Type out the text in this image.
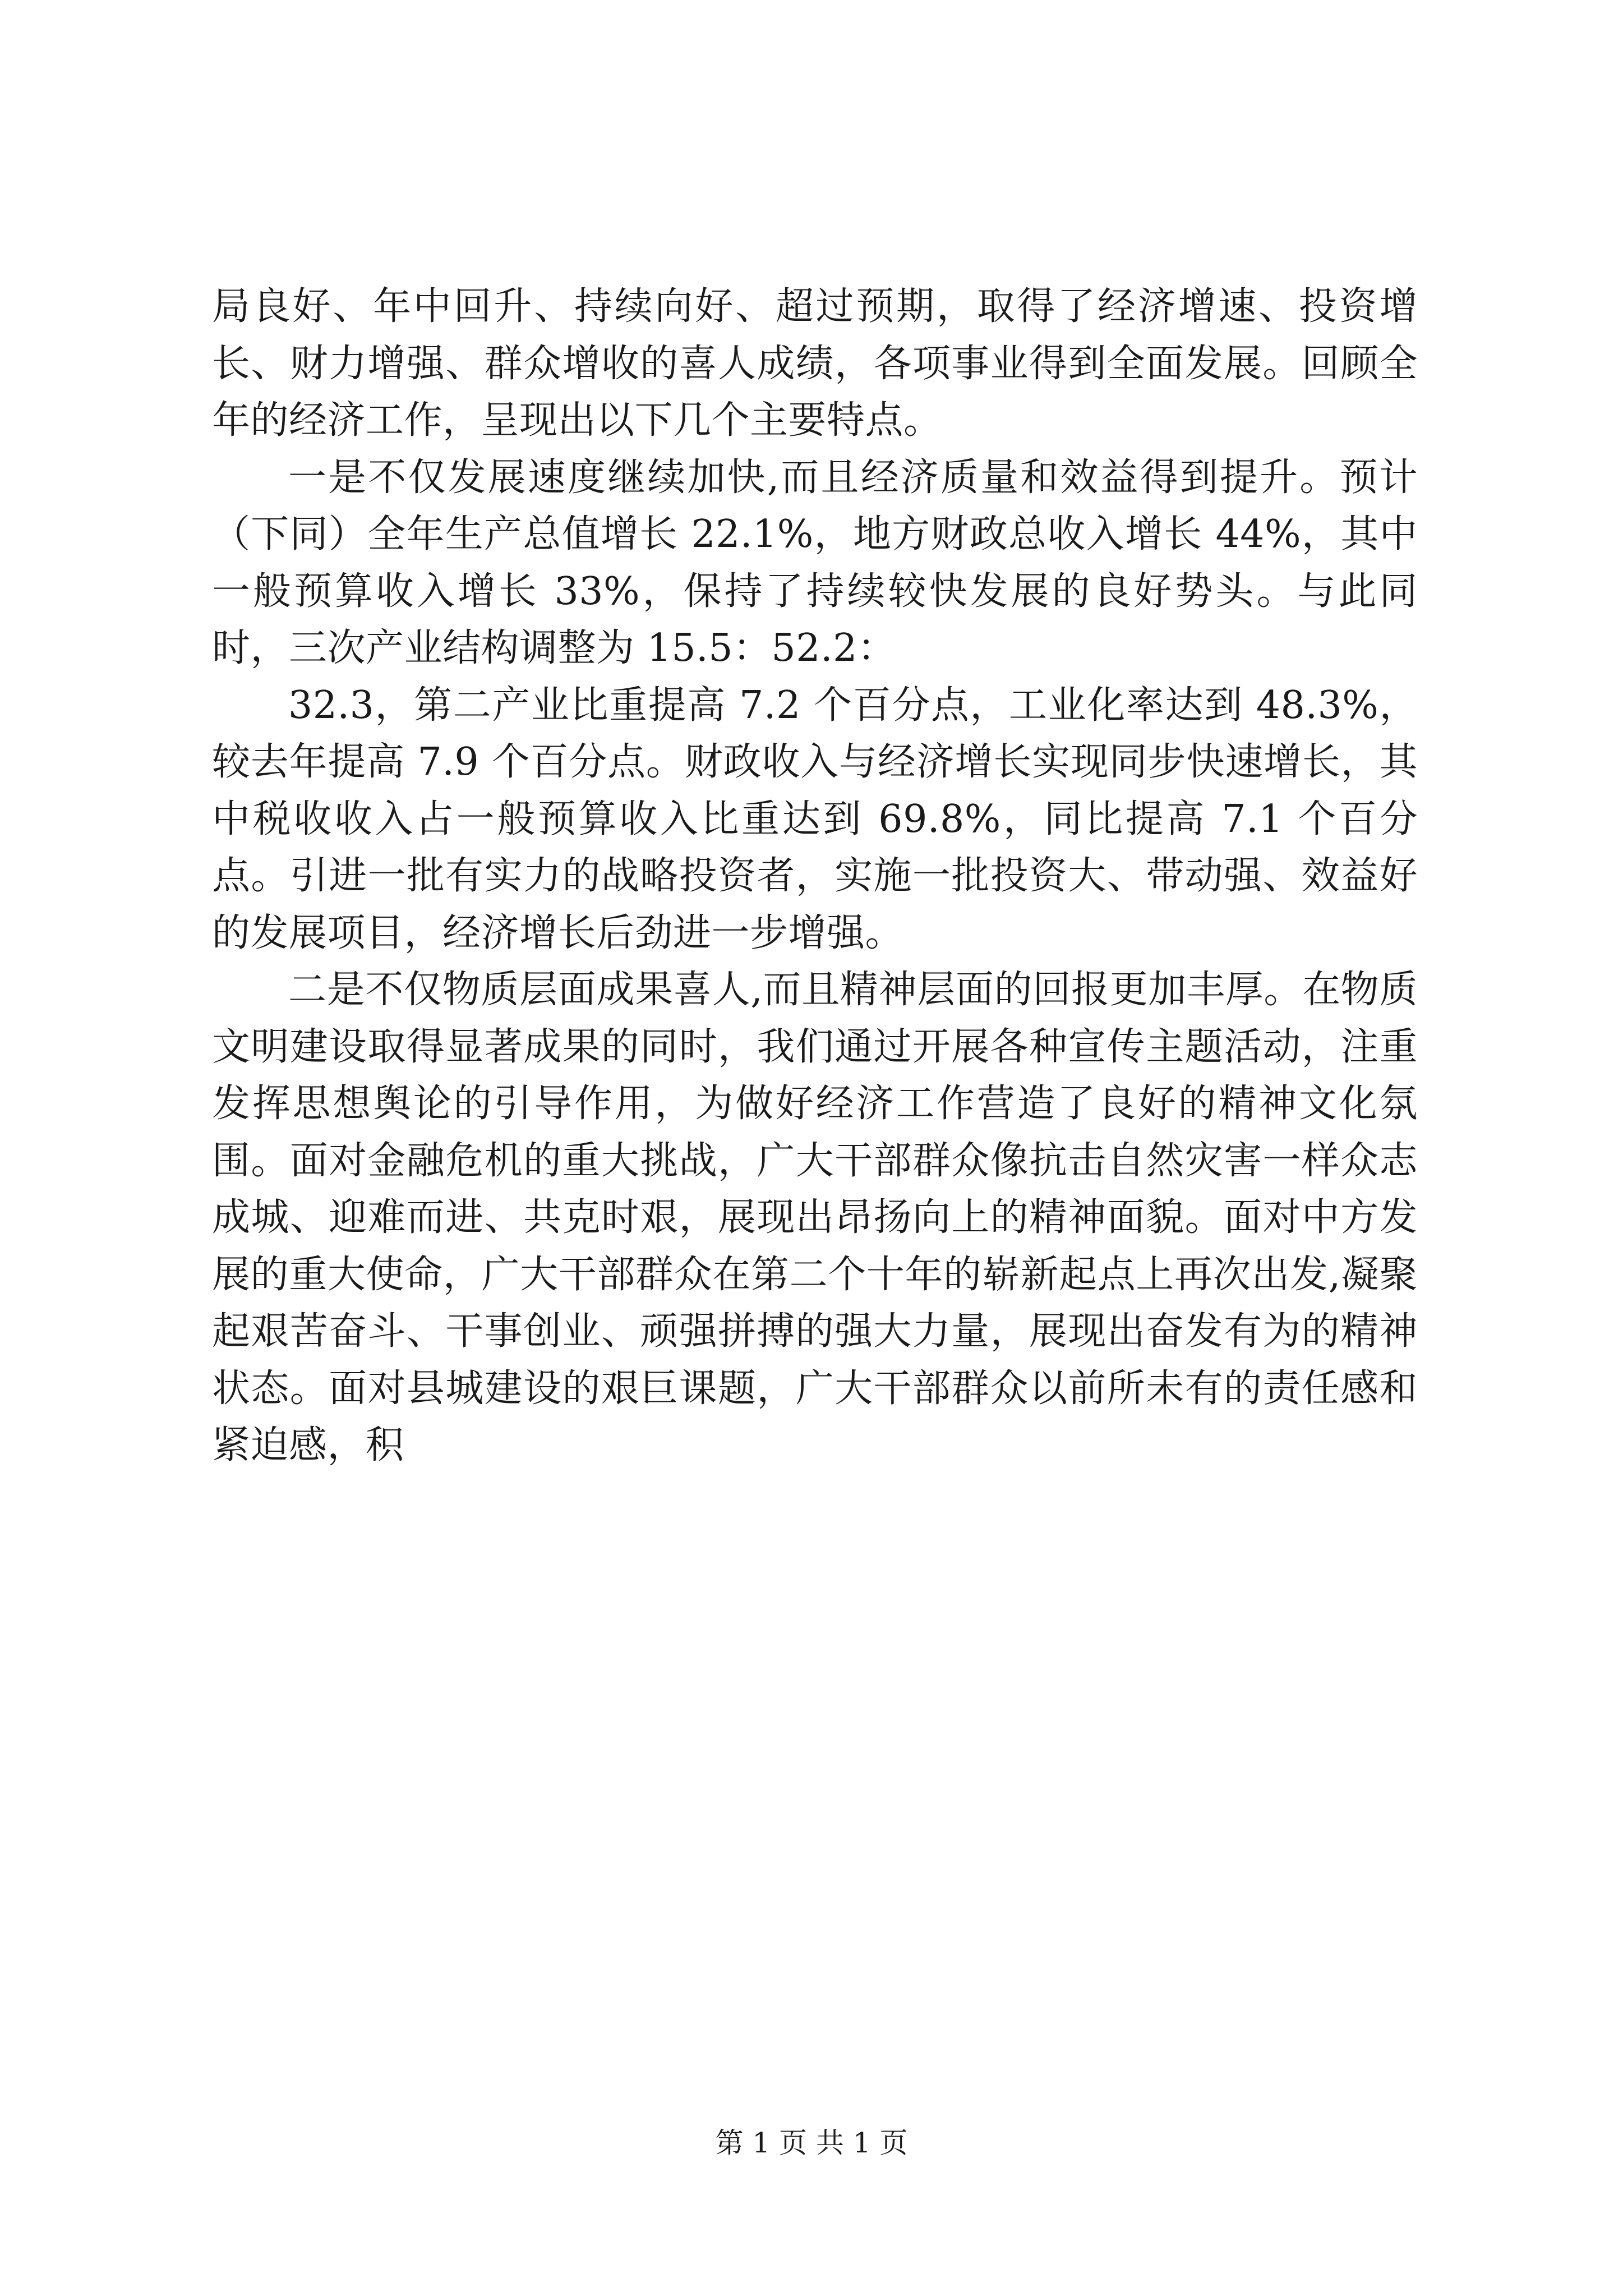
局良好、年中回升、持续向好、超过预期，取得了经济增速、投资增长、财力增强、群众增收的喜人成绩，各项事业得到全面发展。回顾全年的经济工作，呈现出以下几个主要特点。

一是不仅发展速度继续加快,而且经济质量和效益得到提升。预计（下同）全年生产总值增长 22.1%，地方财政总收入增长 44%，其中一般预算收入增长 33%，保持了持续较快发展的良好势头。与此同时，三次产业结构调整为 15.5：52.2：

32.3，第二产业比重提高 7.2 个百分点，工业化率达到 48.3%，较去年提高 7.9 个百分点。财政收入与经济增长实现同步快速增长，其中税收收入占一般预算收入比重达到 69.8%，同比提高 7.1 个百分点。引进一批有实力的战略投资者，实施一批投资大、带动强、效益好的发展项目，经济增长后劲进一步增强。

二是不仅物质层面成果喜人,而且精神层面的回报更加丰厚。在物质文明建设取得显著成果的同时，我们通过开展各种宣传主题活动，注重发挥思想舆论的引导作用，为做好经济工作营造了良好的精神文化氛围。面对金融危机的重大挑战，广大干部群众像抗击自然灾害一样众志成城、迎难而进、共克时艰，展现出昂扬向上的精神面貌。面对中方发展的重大使命，广大干部群众在第二个十年的崭新起点上再次出发,凝聚起艰苦奋斗、干事创业、顽强拼搏的强大力量，展现出奋发有为的精神状态。面对县城建设的艰巨课题，广大干部群众以前所未有的责任感和紧迫感，积

第 1 页 共 1 页
